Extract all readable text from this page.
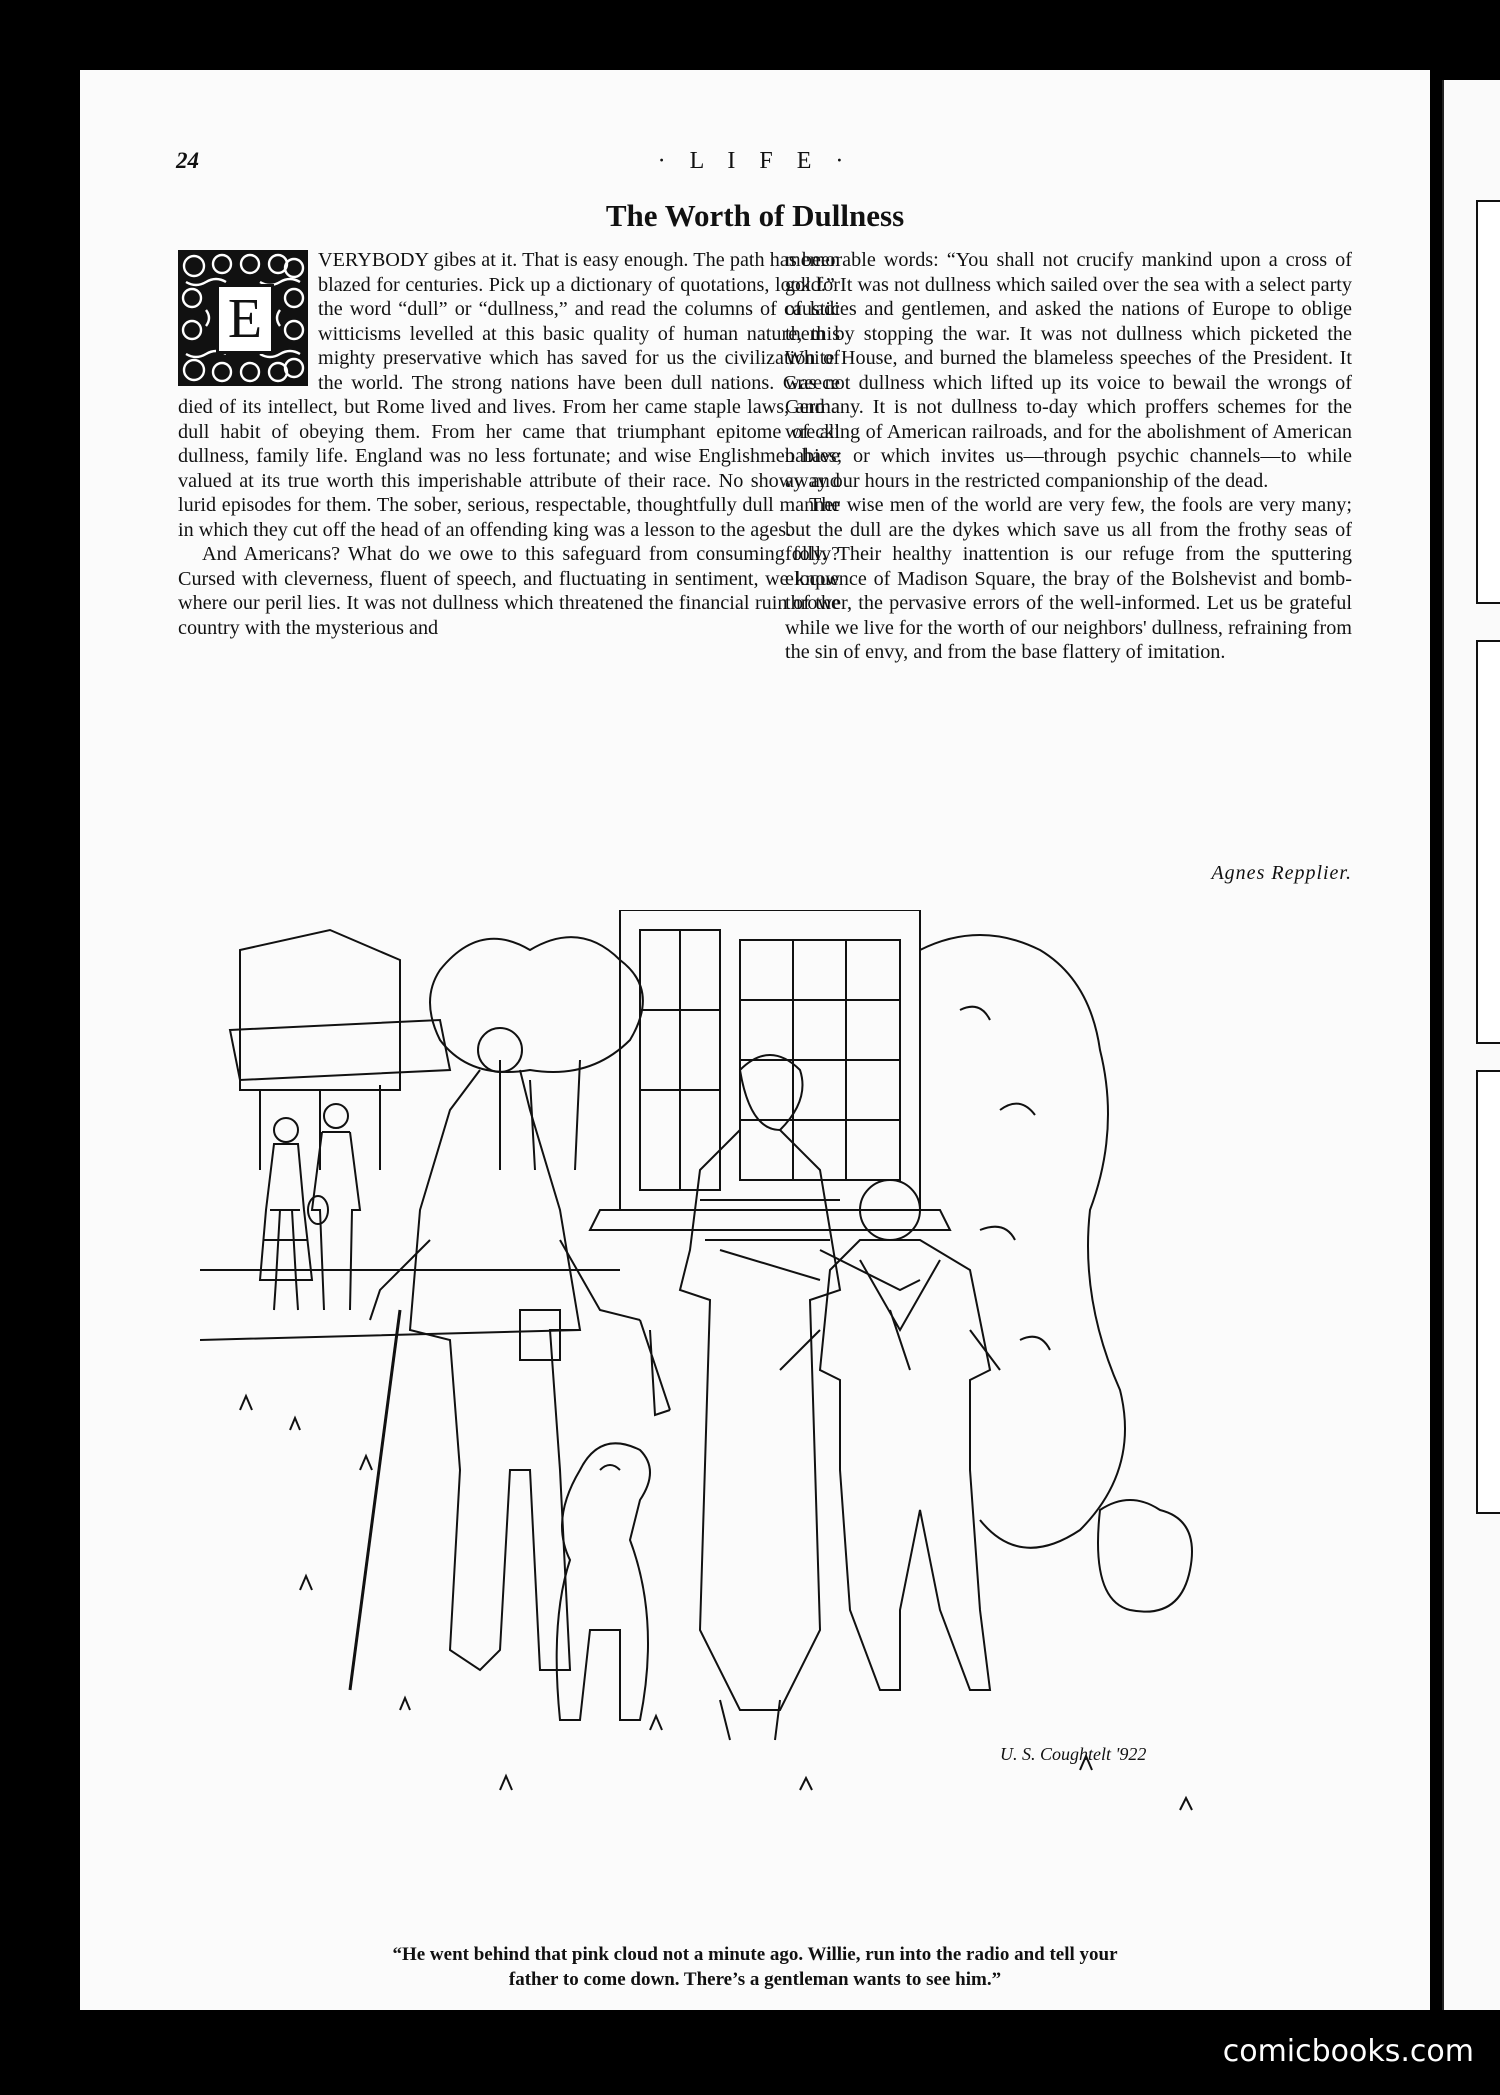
24	· L I F E ·
The Worth of Dullness
E

VERYBODY gibes at it. That is easy enough. The path has been blazed for centuries. Pick up a dictionary of quotations, look for the word “dull” or “dullness,” and read the columns of caustic witticisms levelled at this basic quality of human nature, this mighty preservative which has saved for us the civilization of the world. The strong nations have been dull nations. Greece died of its intellect, but Rome lived and lives. From her came staple laws, and a dull habit of obeying them. From her came that triumphant epitome of all dullness, family life. England was no less fortunate; and wise Englishmen have valued at its true worth this imperishable attribute of their race. No showy and lurid episodes for them. The sober, serious, respectable, thoughtfully dull manner in which they cut off the head of an offending king was a lesson to the ages.

And Americans? What do we owe to this safeguard from consuming folly? Cursed with cleverness, fluent of speech, and fluctuating in sentiment, we know where our peril lies. It was not dullness which threatened the financial ruin of the country with the mysterious and

memorable words: “You shall not crucify mankind upon a cross of gold.” It was not dullness which sailed over the sea with a select party of ladies and gentlemen, and asked the nations of Europe to oblige them by stopping the war. It was not dullness which picketed the White House, and burned the blameless speeches of the President. It was not dullness which lifted up its voice to bewail the wrongs of Germany. It is not dullness to-day which proffers schemes for the wrecking of American railroads, and for the abolishment of American babies; or which invites us—through psychic channels—to while away our hours in the restricted companionship of the dead.

The wise men of the world are very few, the fools are very many; but the dull are the dykes which save us all from the frothy seas of folly. Their healthy inattention is our refuge from the sputtering eloquence of Madison Square, the bray of the Bolshevist and bomb-thrower, the pervasive errors of the well-informed. Let us be grateful while we live for the worth of our neighbors' dullness, refraining from the sin of envy, and from the base flattery of imitation.

Agnes Repplier.
U. S. Coughtelt '922
“He went behind that pink cloud not a minute ago. Willie, run into the radio and tell your
father to come down. There’s a gentleman wants to see him.”
comicbooks.com
